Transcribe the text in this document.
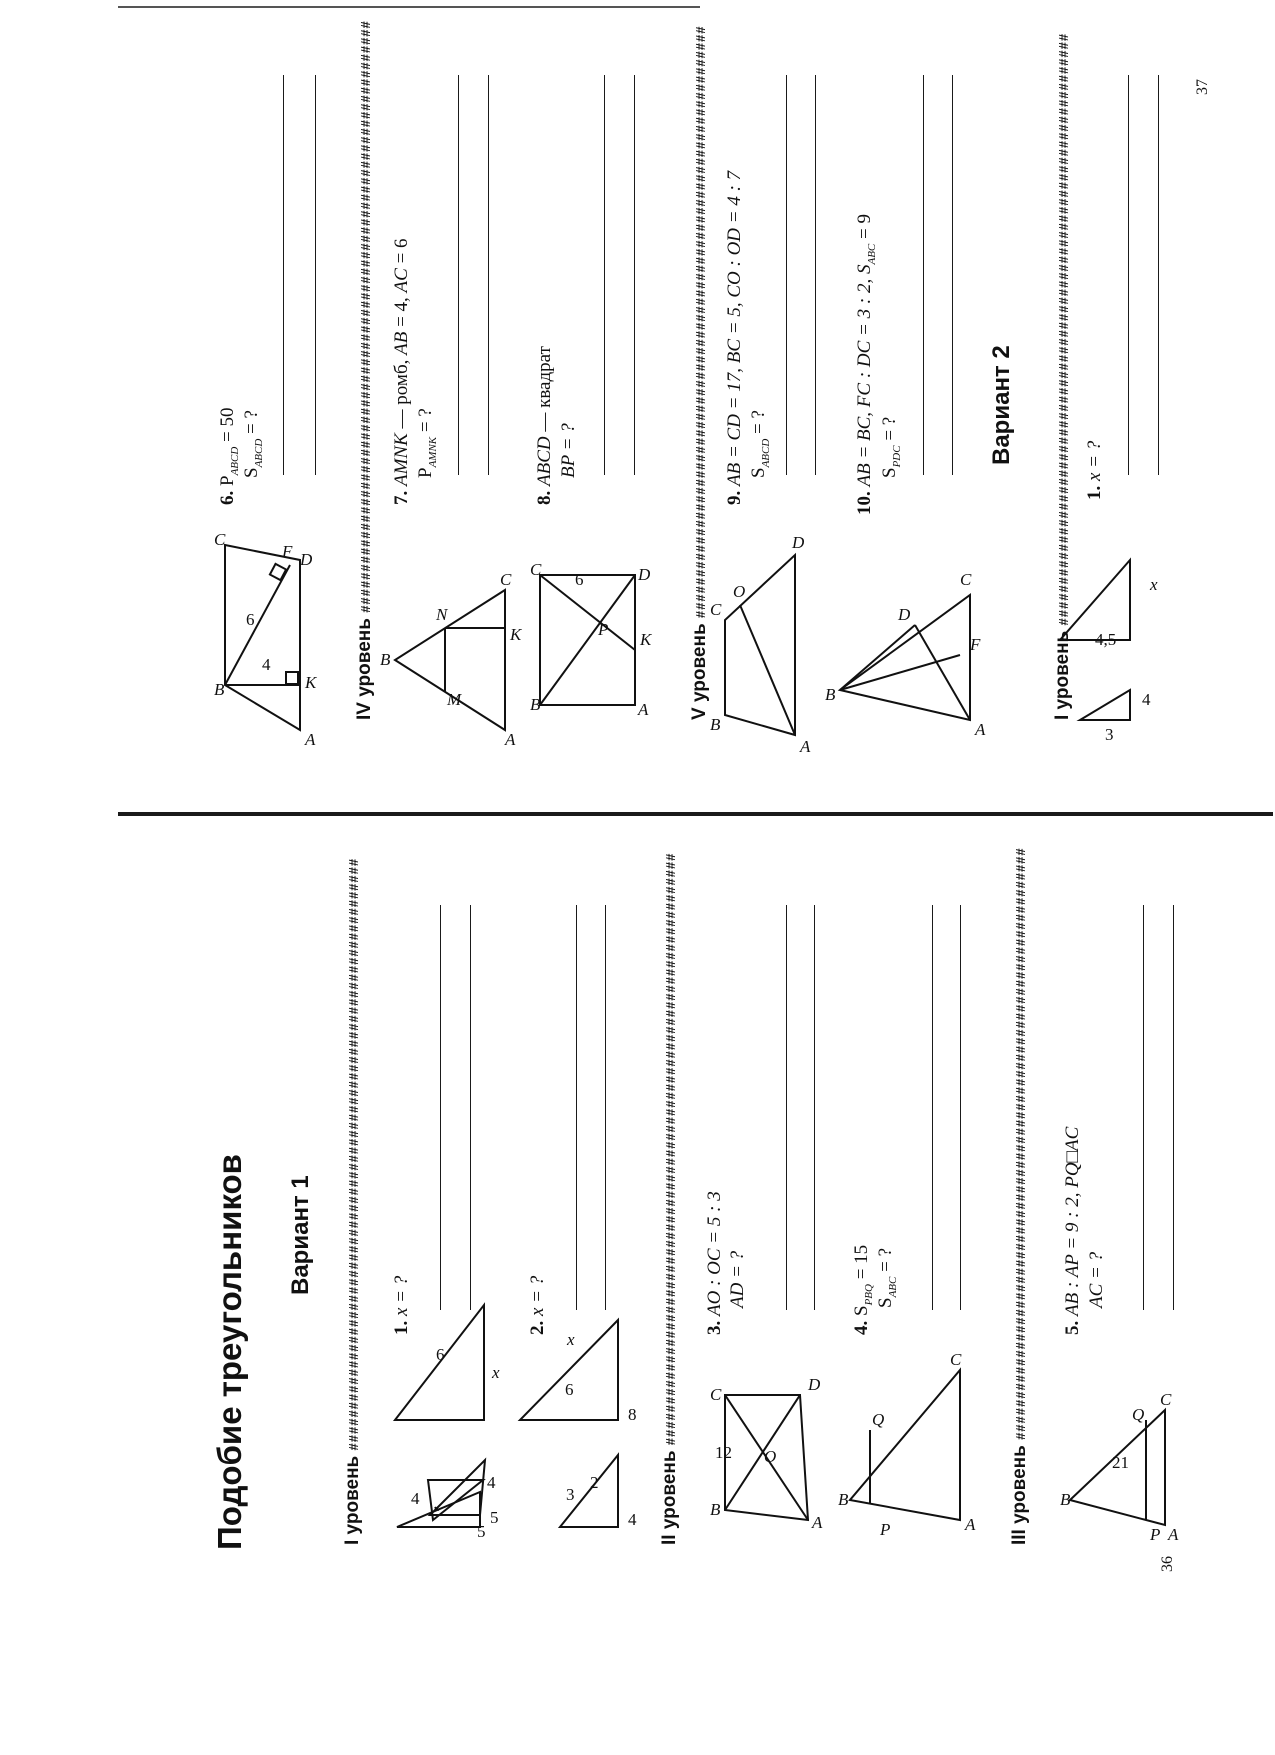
Подобие треугольников Вариант 1
I уровень ########################################################################
II уровень ########################################################################
III уровень ########################################################################
1. x = ?
2. x = ?
3. AO : OC = 5 : 3 AD = ?
4. $S_{PBQ} = 15$
$S_{ABC}$ = ?
5. AB : AP = 9 : 2, PQ□AC
AC = ?
36
4
5
4
5
6
x
3
2
4
6
x
8
C
B
A
D
O
12
B
P
Q
A
C
B
P
Q
A
C
21
IV уровень ########################################################################
V уровень ########################################################################	Вариант 2
I уровень ########################################################################
6. $P_{ABCD} = 50$
$S_{ABCD}$ = ?
7. AMNK — ромб, AB = 4, AC = 6
$P_{AMNK}$ = ?
8. ABCD — квадрат
BP = ?
9. AB = CD = 17, BC = 5, CO : OD = 4 : 7 $S_{ABCD}$ = ?
10. AB = BC, FC : DC = 3 : 2, $S_{ABC} = 9$
$S_{PDC}$ = ?
1. x = ?
37
B
C
A
K
F D
6
4	B
M
N
A
K
C
B
C
A
D
P
K
6
B
C
O
D
A
B
D
C
A
F
3
4
4,5
x
